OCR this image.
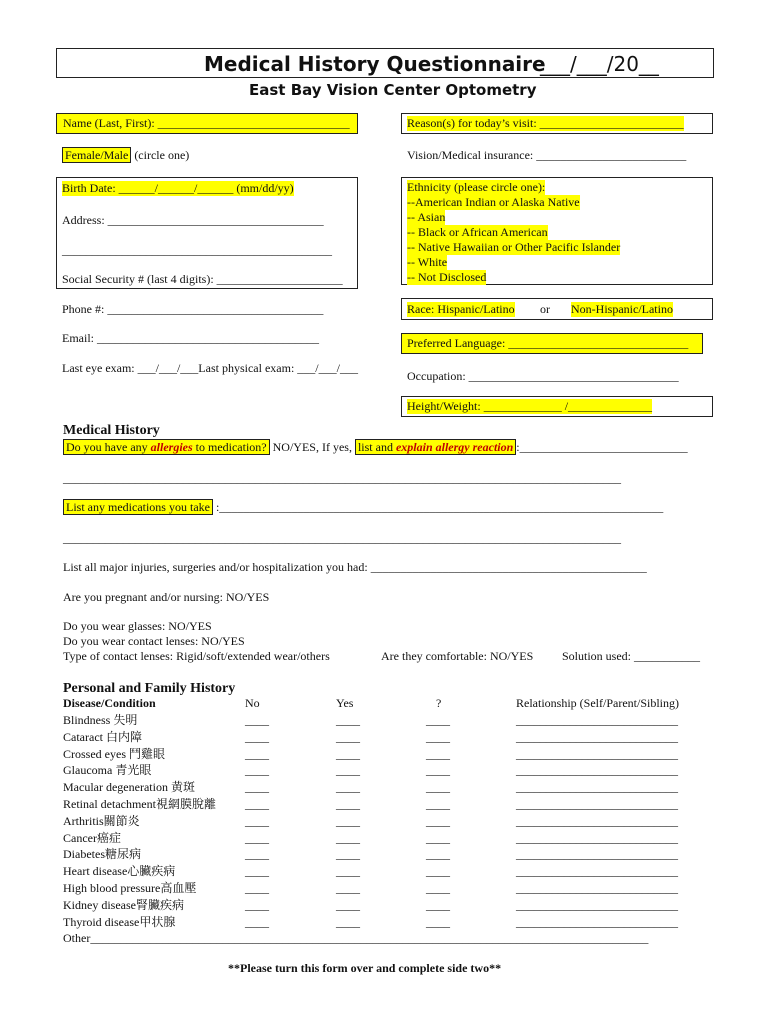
Medical History Questionnaire
___/___/20__
East Bay Vision Center Optometry
Name (Last, First): ________________________________
Female/Male (circle one)
Birth Date: ______/______/______ (mm/dd/yy)
Address: ____________________________________
_____________________________________________
Social Security # (last 4 digits): _____________________
Phone #: ____________________________________
Email: _____________________________________
Last eye exam: ___/___/___Last physical exam: ___/___/___
Reason(s) for today’s visit: ________________________
Vision/Medical insurance: _________________________
Ethnicity (please circle one):
--American Indian or Alaska Native
-- Asian
-- Black or African American
-- Native Hawaiian or Other Pacific Islander
-- White
-- Not Disclosed
Race: Hispanic/Latino or Non-Hispanic/Latino
Preferred Language: ______________________________
Occupation: ___________________________________
Height/Weight: _____________ /______________
Medical History
Do you have any allergies to medication? NO/YES, If yes, list and explain allergy reaction :____________________________
_____________________________________________________________________________________________
List any medications you take :__________________________________________________________________________
_____________________________________________________________________________________________
List all major injuries, surgeries and/or hospitalization you had: ______________________________________________
Are you pregnant and/or nursing: NO/YES
Do you wear glasses: NO/YES
Do you wear contact lenses: NO/YES
Type of contact lenses: Rigid/soft/extended wear/others	Are they comfortable: NO/YES Solution used: ___________
Personal and Family History
Disease/Condition	No	Yes	?	Relationship (Self/Parent/Sibling)
Blindness 失明	____	____	____	___________________________
Cataract 白内障	____	____	____	___________________________
Crossed eyes 鬥雞眼	____	____	____	___________________________
Glaucoma 青光眼	____	____	____	___________________________
Macular degeneration 黄斑	____	____	____	___________________________
Retinal detachment視網膜脫離 ____	____	____	___________________________
Arthritis關節炎	____	____	____	___________________________
Cancer癌症	____	____	____	___________________________
Diabetes糖尿病	____	____	____	___________________________
Heart disease心臟疾病	____	____	____	___________________________
High blood pressure高血壓	____	____	____	___________________________
Kidney disease腎臟疾病	____	____	____	___________________________
Thyroid disease甲状腺	____	____	____	___________________________
Other_____________________________________________________________________________________________
**Please turn this form over and complete side two**
